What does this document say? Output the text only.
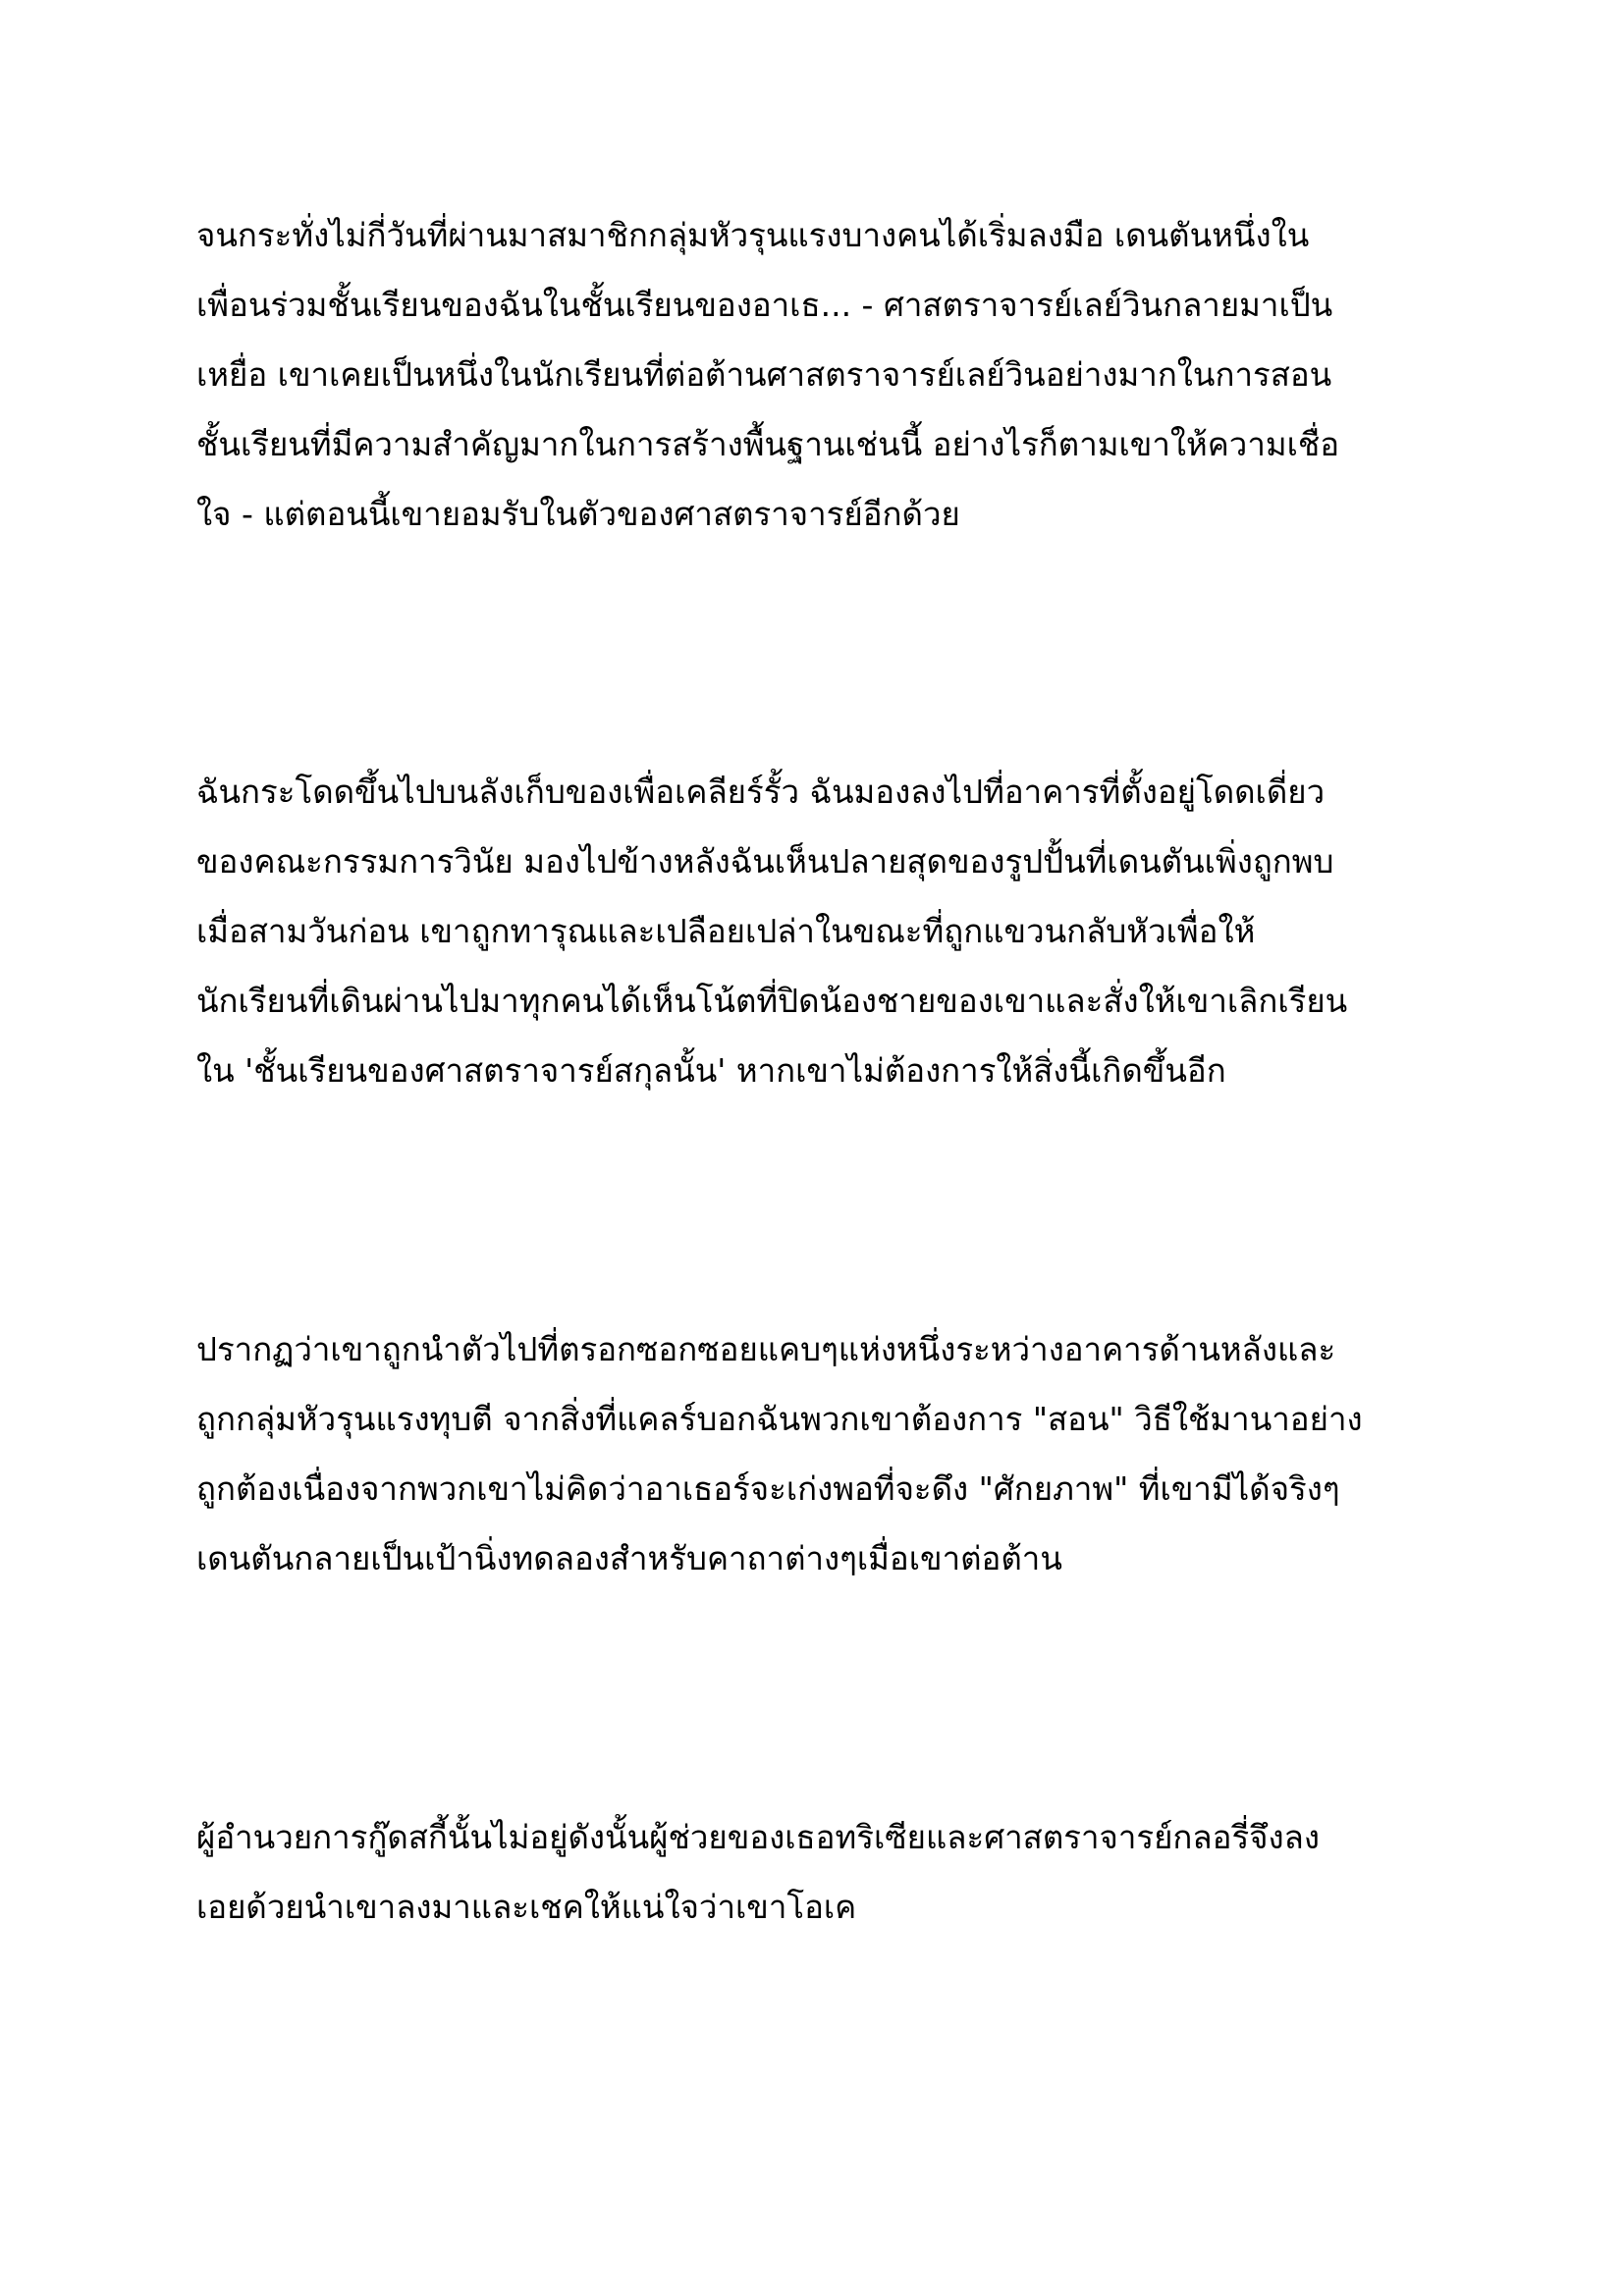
จนกระทั่งไม่กี่วันที่ผ่านมาสมาชิกกลุ่มหัวรุนแรงบางคนได้เริ่มลงมือ เดนตันหนึ่งใน
เพื่อนร่วมชั้นเรียนของฉันในชั้นเรียนของอาเธ... - ศาสตราจารย์เลย์วินกลายมาเป็น
เหยื่อ เขาเคยเป็นหนึ่งในนักเรียนที่ต่อต้านศาสตราจารย์เลย์วินอย่างมากในการสอน
ชั้นเรียนที่มีความสำคัญมากในการสร้างพื้นฐานเช่นนี้ อย่างไรก็ตามเขาให้ความเชื่อ
ใจ - แต่ตอนนี้เขายอมรับในตัวของศาสตราจารย์อีกด้วย
ฉันกระโดดขึ้นไปบนลังเก็บของเพื่อเคลียร์รั้ว ฉันมองลงไปที่อาคารที่ตั้งอยู่โดดเดี่ยว
ของคณะกรรมการวินัย มองไปข้างหลังฉันเห็นปลายสุดของรูปปั้นที่เดนตันเพิ่งถูกพบ
เมื่อสามวันก่อน เขาถูกทารุณและเปลือยเปล่าในขณะที่ถูกแขวนกลับหัวเพื่อให้
นักเรียนที่เดินผ่านไปมาทุกคนได้เห็นโน้ตที่ปิดน้องชายของเขาและสั่งให้เขาเลิกเรียน
ใน 'ชั้นเรียนของศาสตราจารย์สกุลนั้น' หากเขาไม่ต้องการให้สิ่งนี้เกิดขึ้นอีก
ปรากฏว่าเขาถูกนำตัวไปที่ตรอกซอกซอยแคบๆแห่งหนึ่งระหว่างอาคารด้านหลังและ
ถูกกลุ่มหัวรุนแรงทุบตี จากสิ่งที่แคลร์บอกฉันพวกเขาต้องการ "สอน" วิธีใช้มานาอย่าง
ถูกต้องเนื่องจากพวกเขาไม่คิดว่าอาเธอร์จะเก่งพอที่จะดึง "ศักยภาพ" ที่เขามีได้จริงๆ
เดนตันกลายเป็นเป้านิ่งทดลองสำหรับคาถาต่างๆเมื่อเขาต่อต้าน
ผู้อำนวยการกู๊ดสกี้นั้นไม่อยู่ดังนั้นผู้ช่วยของเธอทริเซียและศาสตราจารย์กลอรี่จึงลง
เอยด้วยนำเขาลงมาและเชคให้แน่ใจว่าเขาโอเค
